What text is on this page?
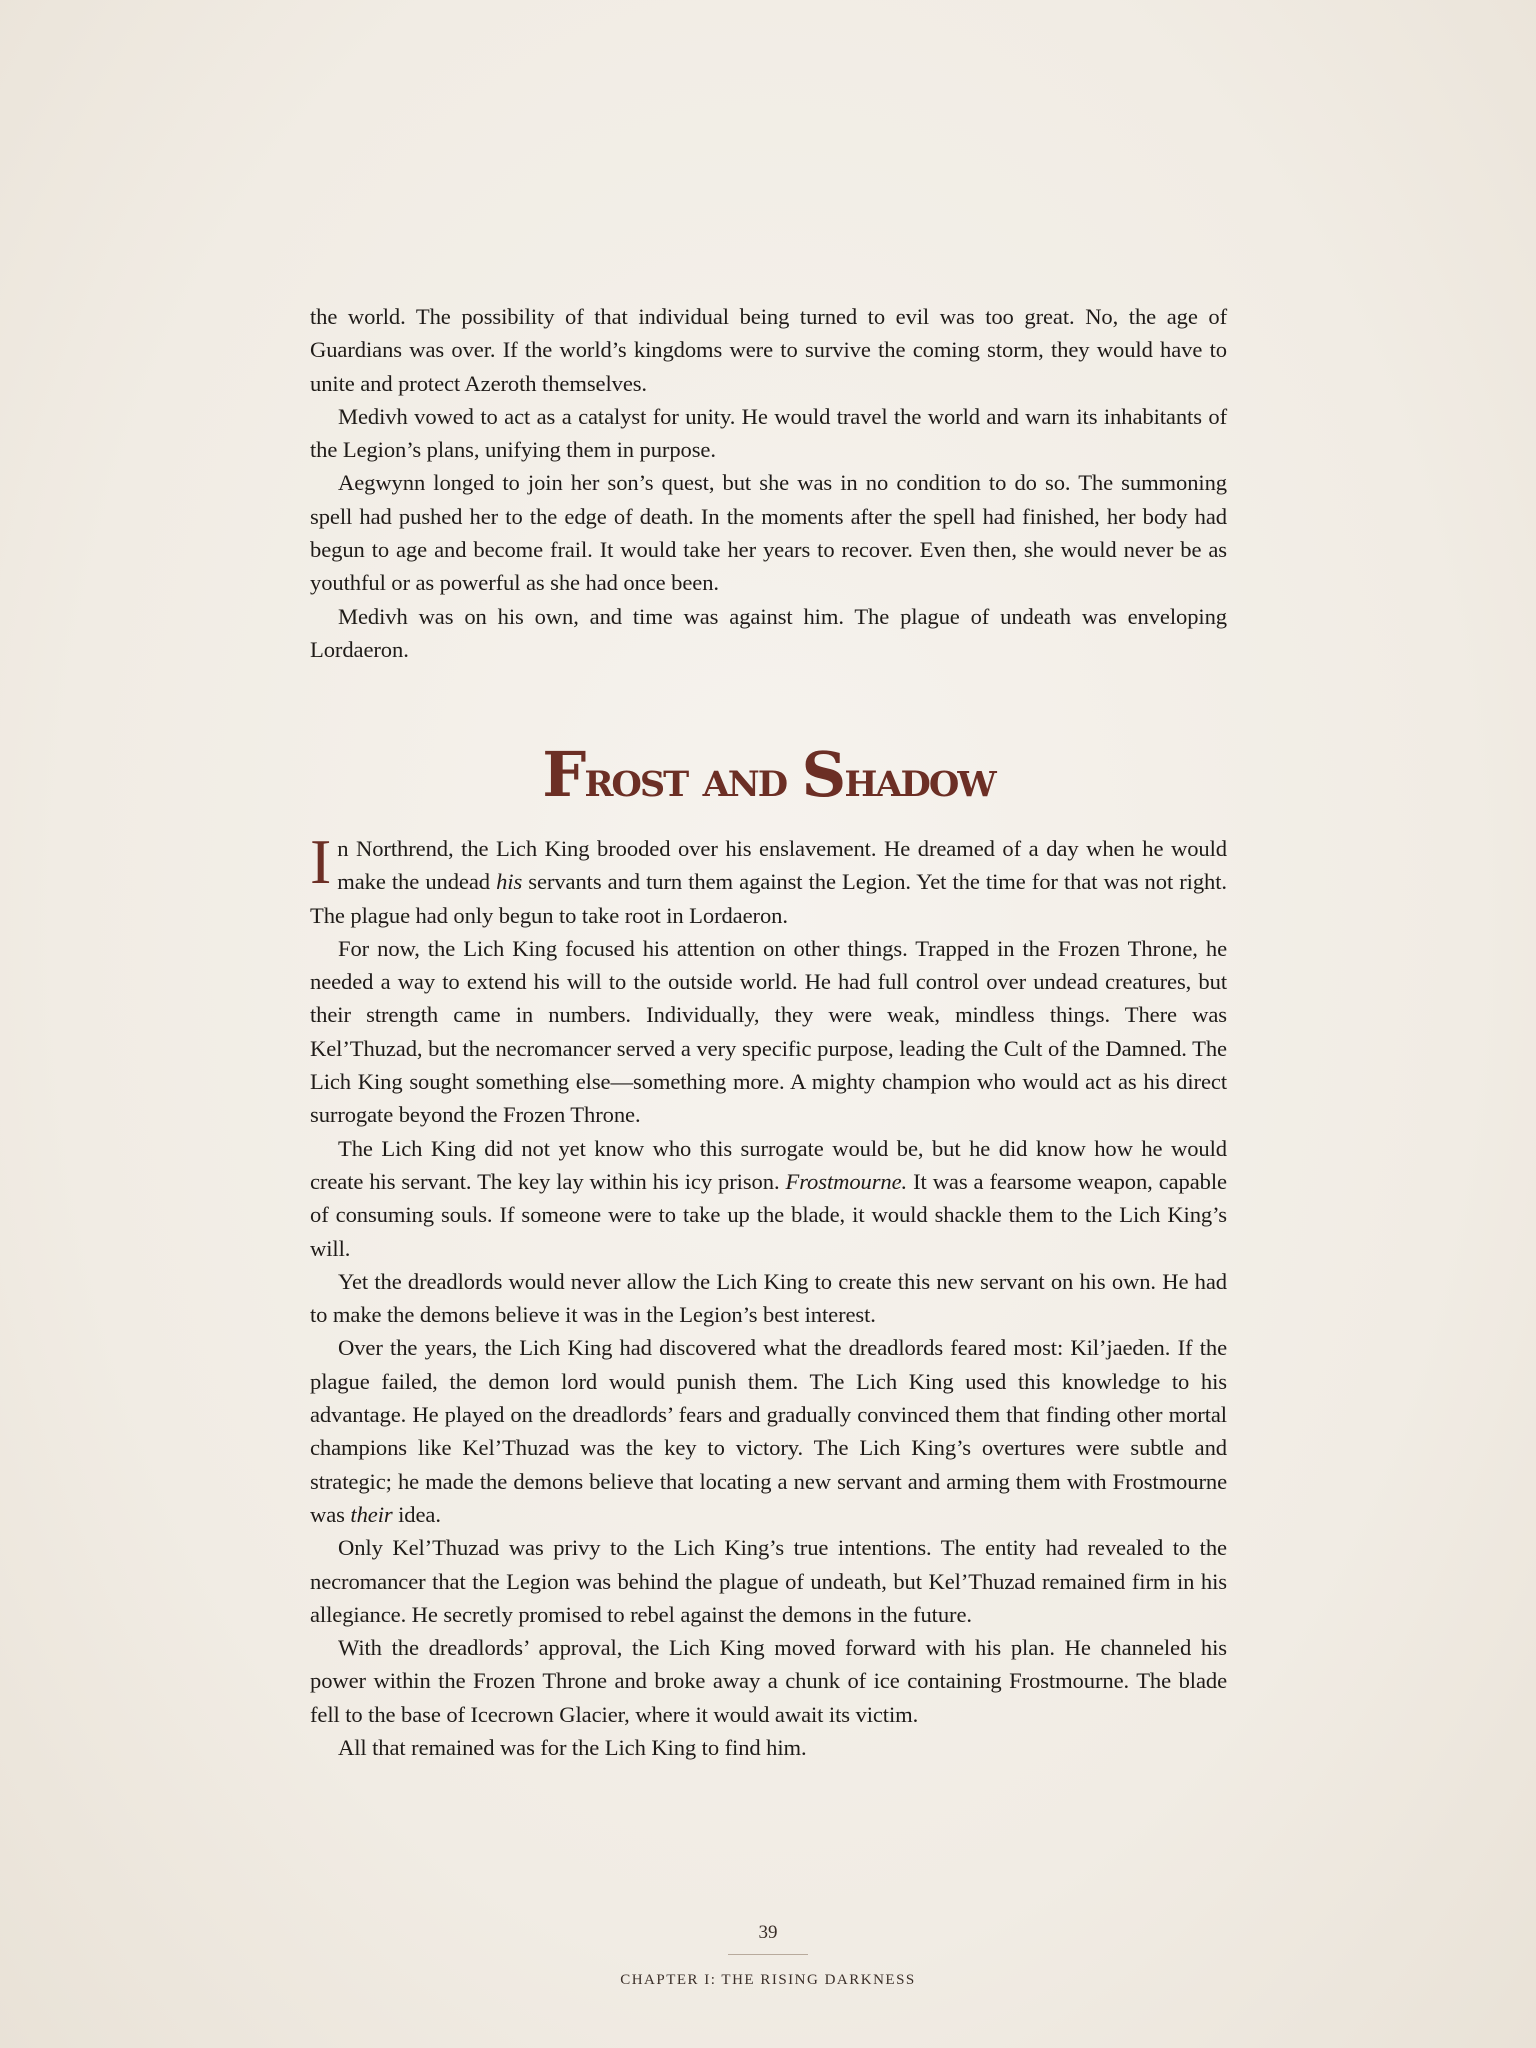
the world. The possibility of that individual being turned to evil was too great. No, the age of Guardians was over. If the world’s kingdoms were to survive the coming storm, they would have to unite and protect Azeroth themselves.

Medivh vowed to act as a catalyst for unity. He would travel the world and warn its inhabitants of the Legion’s plans, unifying them in purpose.

Aegwynn longed to join her son’s quest, but she was in no condition to do so. The summoning spell had pushed her to the edge of death. In the moments after the spell had finished, her body had begun to age and become frail. It would take her years to recover. Even then, she would never be as youthful or as powerful as she had once been.

Medivh was on his own, and time was against him. The plague of undeath was enveloping Lordaeron.

Frost and Shadow

In Northrend, the Lich King brooded over his enslavement. He dreamed of a day when he would make the undead his servants and turn them against the Legion. Yet the time for that was not right. The plague had only begun to take root in Lordaeron.

For now, the Lich King focused his attention on other things. Trapped in the Frozen Throne, he needed a way to extend his will to the outside world. He had full control over undead creatures, but their strength came in numbers. Individually, they were weak, mindless things. There was Kel’Thuzad, but the necromancer served a very specific purpose, leading the Cult of the Damned. The Lich King sought something else—something more. A mighty champion who would act as his direct surrogate beyond the Frozen Throne.

The Lich King did not yet know who this surrogate would be, but he did know how he would create his servant. The key lay within his icy prison. Frostmourne. It was a fearsome weapon, capable of consuming souls. If someone were to take up the blade, it would shackle them to the Lich King’s will.

Yet the dreadlords would never allow the Lich King to create this new servant on his own. He had to make the demons believe it was in the Legion’s best interest.

Over the years, the Lich King had discovered what the dreadlords feared most: Kil’jaeden. If the plague failed, the demon lord would punish them. The Lich King used this knowledge to his advantage. He played on the dreadlords’ fears and gradually convinced them that finding other mortal champions like Kel’Thuzad was the key to victory. The Lich King’s overtures were subtle and strategic; he made the demons believe that locating a new servant and arming them with Frostmourne was their idea.

Only Kel’Thuzad was privy to the Lich King’s true intentions. The entity had revealed to the necromancer that the Legion was behind the plague of undeath, but Kel’Thuzad remained firm in his allegiance. He secretly promised to rebel against the demons in the future.

With the dreadlords’ approval, the Lich King moved forward with his plan. He channeled his power within the Frozen Throne and broke away a chunk of ice containing Frostmourne. The blade fell to the base of Icecrown Glacier, where it would await its victim.

All that remained was for the Lich King to find him.

39
CHAPTER I: THE RISING DARKNESS
